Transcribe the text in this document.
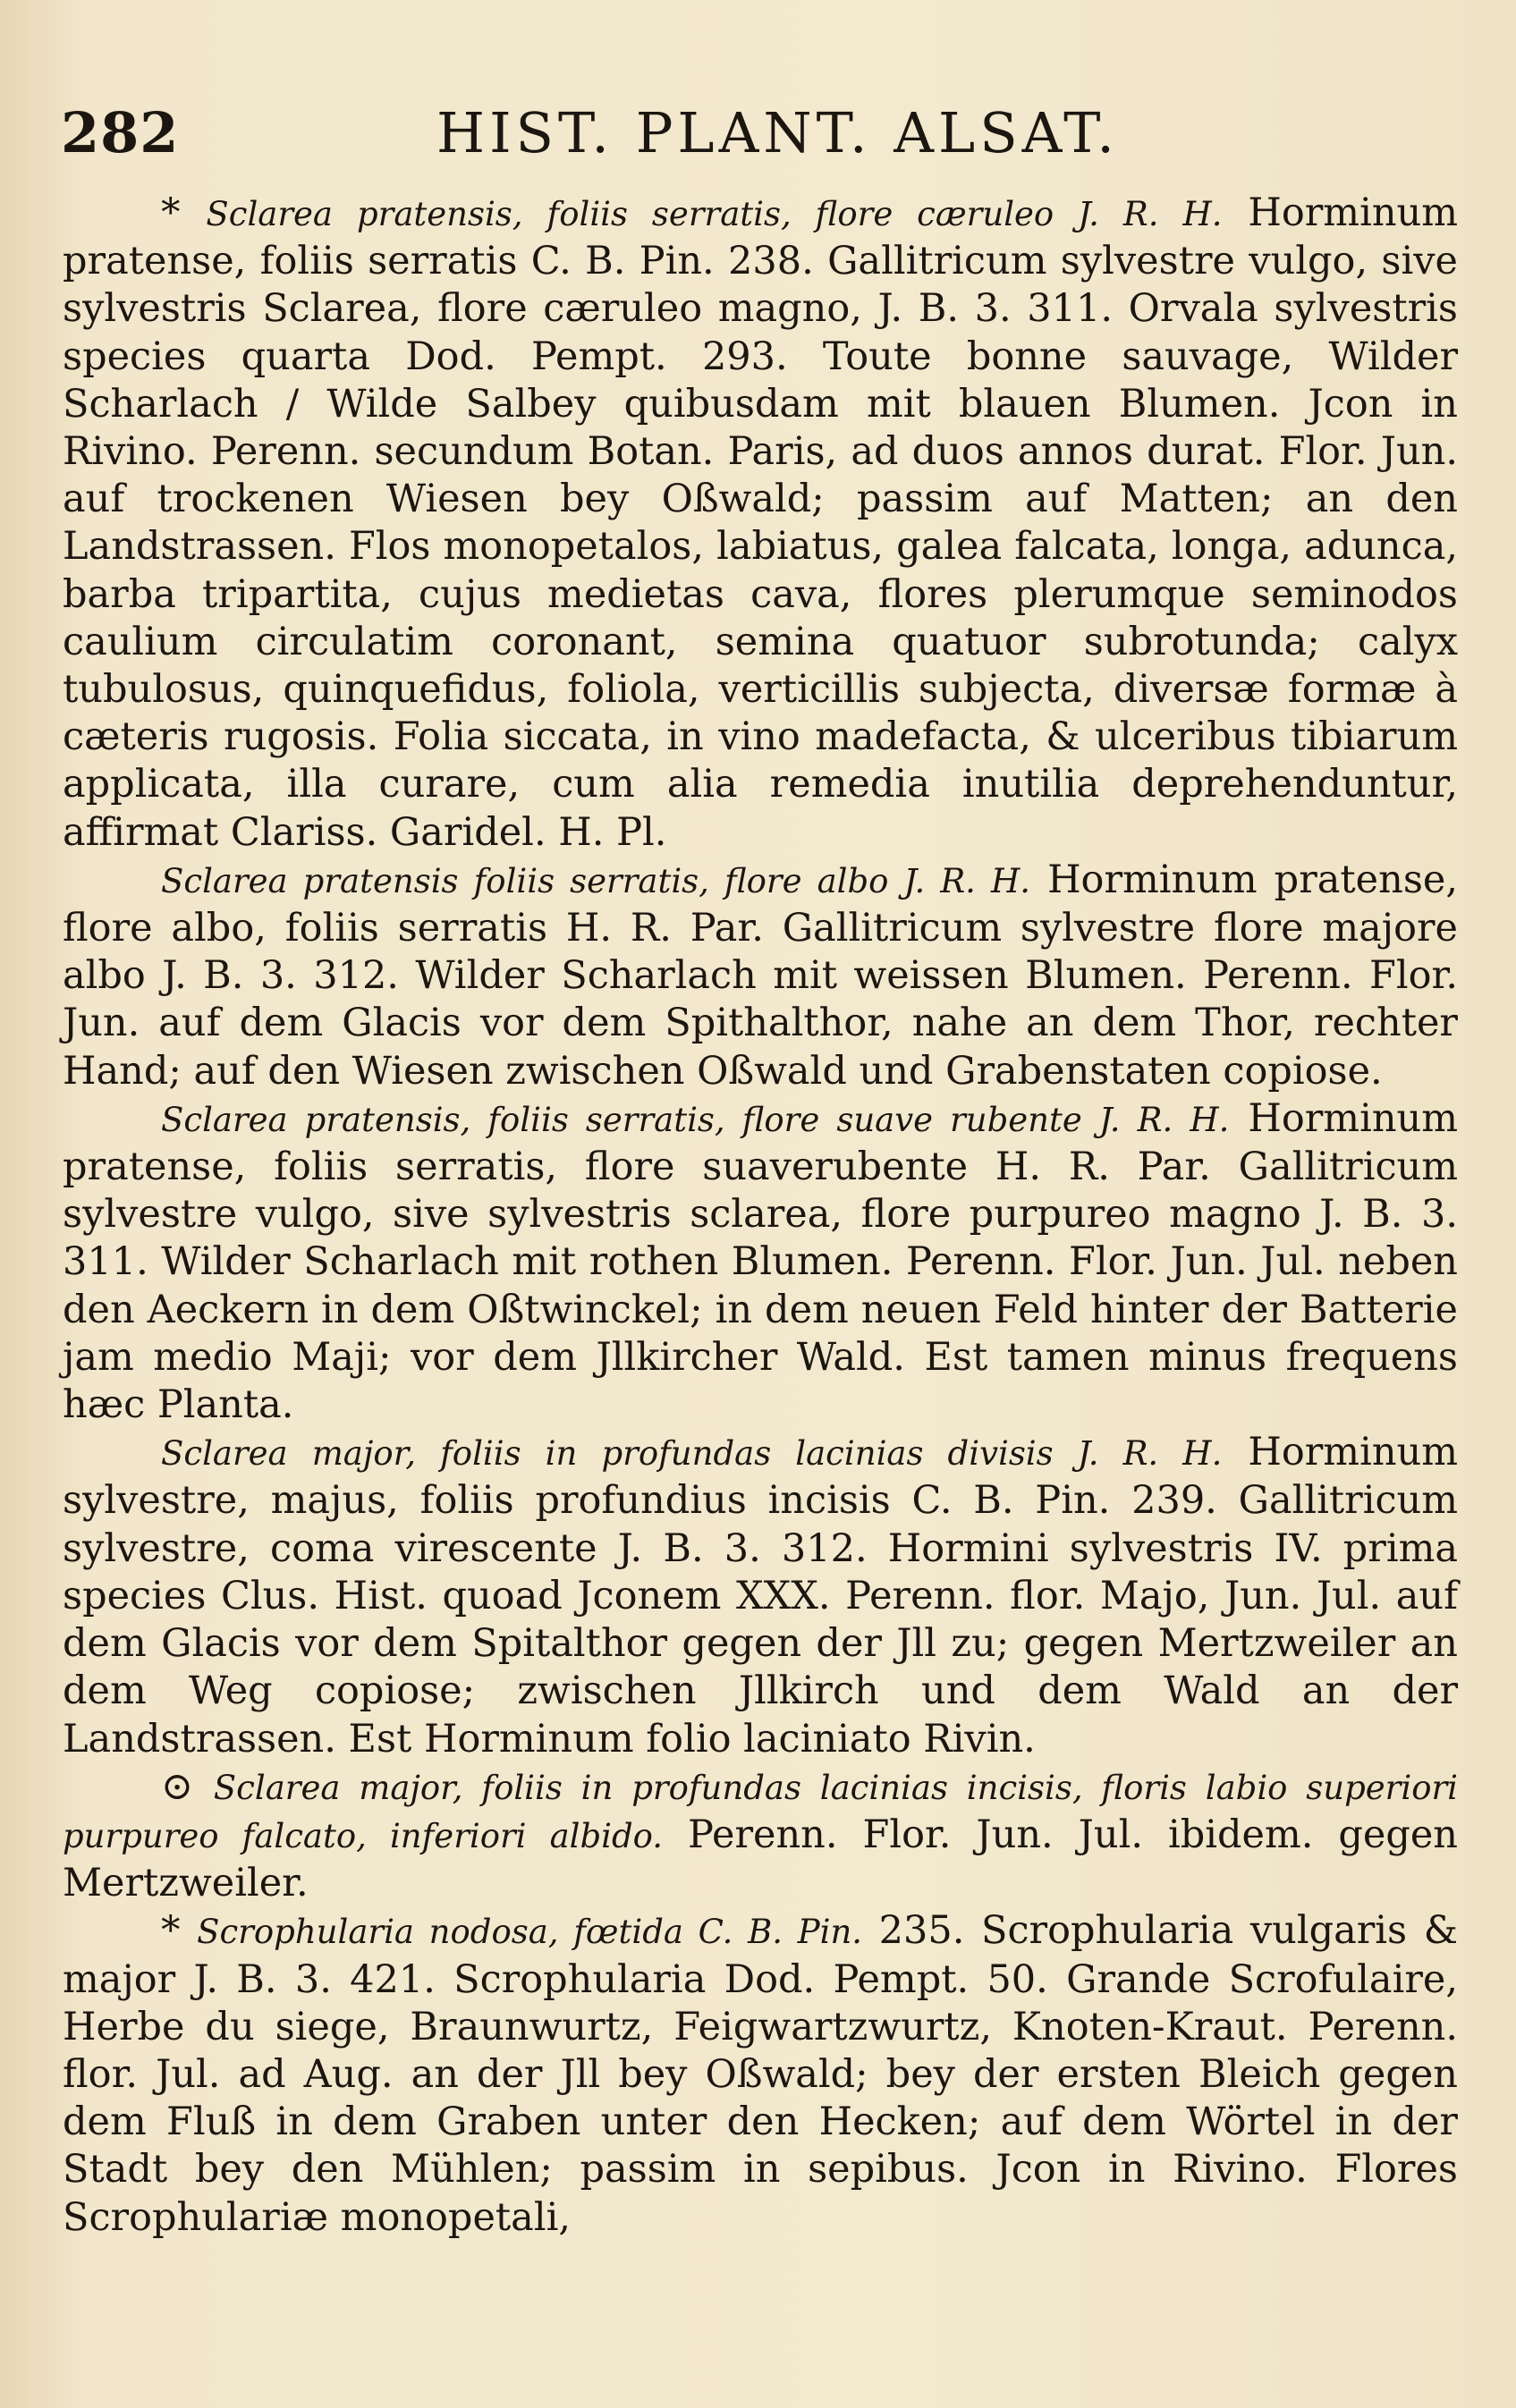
282	HIST. PLANT. ALSAT.

* Sclarea pratensis, foliis serratis, flore cæruleo J. R. H. Horminum pratense, foliis serratis C. B. Pin. 238. Gallitricum sylvestre vulgo, sive sylvestris Sclarea, flore cæruleo magno, J. B. 3. 311. Orvala sylvestris species quarta Dod. Pempt. 293. Toute bonne sauvage, Wilder Scharlach / Wilde Salbey quibusdam mit blauen Blumen. Jcon in Rivino. Perenn. secundum Botan. Paris, ad duos annos durat. Flor. Jun. auf trockenen Wiesen bey Oßwald; passim auf Matten; an den Landstrassen. Flos monopetalos, labiatus, galea falcata, longa, adunca, barba tripartita, cujus medietas cava, flores plerumque seminodos caulium circulatim coronant, semina quatuor subrotunda; calyx tubulosus, quinquefidus, foliola, verticillis subjecta, diversæ formæ à cæteris rugosis. Folia siccata, in vino madefacta, & ulceribus tibiarum applicata, illa curare, cum alia remedia inutilia deprehenduntur, affirmat Clariss. Garidel. H. Pl.

Sclarea pratensis foliis serratis, flore albo J. R. H. Horminum pratense, flore albo, foliis serratis H. R. Par. Gallitricum sylvestre flore majore albo J. B. 3. 312. Wilder Scharlach mit weissen Blumen. Perenn. Flor. Jun. auf dem Glacis vor dem Spithalthor, nahe an dem Thor, rechter Hand; auf den Wiesen zwischen Oßwald und Grabenstaten copiose.

Sclarea pratensis, foliis serratis, flore suave rubente J. R. H. Horminum pratense, foliis serratis, flore suaverubente H. R. Par. Gallitricum sylvestre vulgo, sive sylvestris sclarea, flore purpureo magno J. B. 3. 311. Wilder Scharlach mit rothen Blumen. Perenn. Flor. Jun. Jul. neben den Aeckern in dem Oßtwinckel; in dem neuen Feld hinter der Batterie jam medio Maji; vor dem Jllkircher Wald. Est tamen minus frequens hæc Planta.

Sclarea major, foliis in profundas lacinias divisis J. R. H. Horminum sylvestre, majus, foliis profundius incisis C. B. Pin. 239. Gallitricum sylvestre, coma virescente J. B. 3. 312. Hormini sylvestris IV. prima species Clus. Hist. quoad Jconem XXX. Perenn. flor. Majo, Jun. Jul. auf dem Glacis vor dem Spitalthor gegen der Jll zu; gegen Mertzweiler an dem Weg copiose; zwischen Jllkirch und dem Wald an der Landstrassen. Est Horminum folio laciniato Rivin.

⊙ Sclarea major, foliis in profundas lacinias incisis, floris labio superiori purpureo falcato, inferiori albido. Perenn. Flor. Jun. Jul. ibidem. gegen Mertzweiler.

* Scrophularia nodosa, fœtida C. B. Pin. 235. Scrophularia vulgaris & major J. B. 3. 421. Scrophularia Dod. Pempt. 50. Grande Scrofulaire, Herbe du siege, Braunwurtz, Feigwartzwurtz, Knoten-Kraut. Perenn. flor. Jul. ad Aug. an der Jll bey Oßwald; bey der ersten Bleich gegen dem Fluß in dem Graben unter den Hecken; auf dem Wörtel in der Stadt bey den Mühlen; passim in sepibus. Jcon in Rivino. Flores Scrophulariæ monopetali,
